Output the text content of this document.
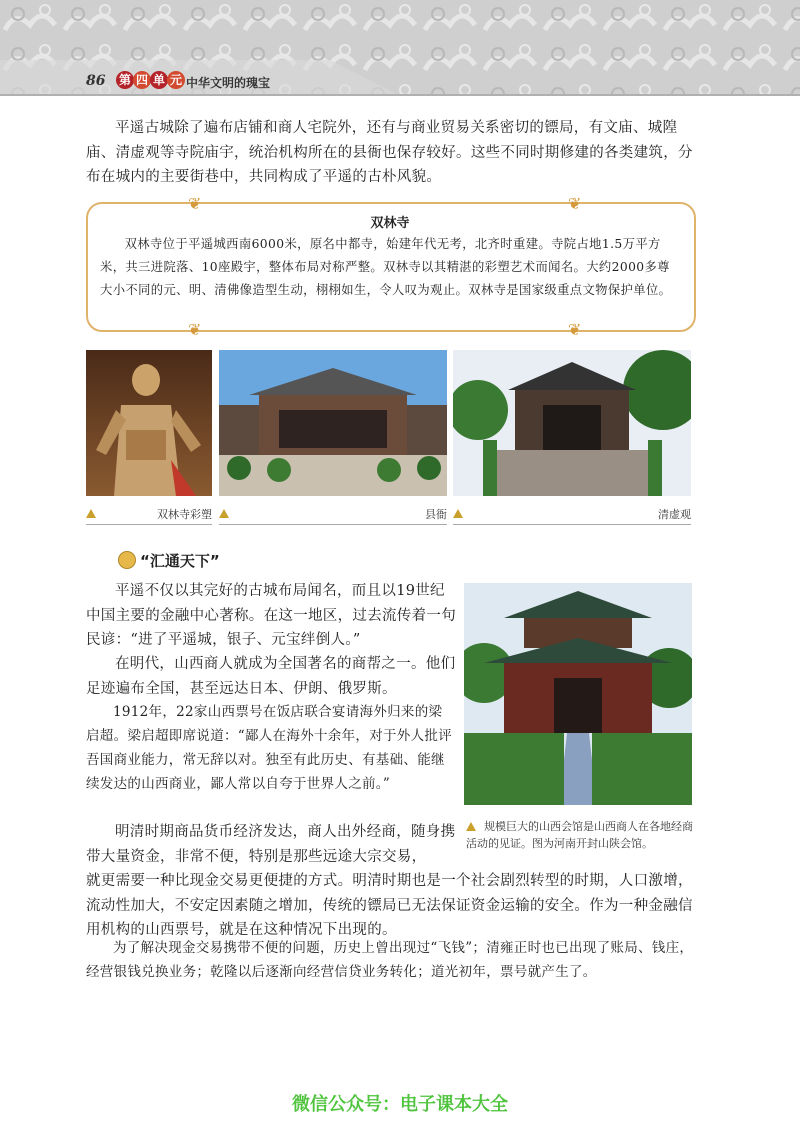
86 第 四 单 元 中华文明的瑰宝

平遥古城除了遍布店铺和商人宅院外，还有与商业贸易关系密切的镖局，有文庙、城隍庙、清虚观等寺院庙宇，统治机构所在的县衙也保存较好。这些不同时期修建的各类建筑，分布在城内的主要街巷中，共同构成了平遥的古朴风貌。

❦	❦
❦	❦
双林寺

双林寺位于平遥城西南6000米，原名中都寺，始建年代无考，北齐时重建。寺院占地1.5万平方米，共三进院落、10座殿宇，整体布局对称严整。双林寺以其精湛的彩塑艺术而闻名。大约2000多尊大小不同的元、明、清佛像造型生动，栩栩如生，令人叹为观止。双林寺是国家级重点文物保护单位。

双林寺彩塑	县衙	清虚观
“汇通天下”

平遥不仅以其完好的古城布局闻名，而且以19世纪中国主要的金融中心著称。在这一地区，过去流传着一句民谚：“进了平遥城，银子、元宝绊倒人。”

在明代，山西商人就成为全国著名的商帮之一。他们足迹遍布全国，甚至远达日本、伊朗、俄罗斯。

1912年，22家山西票号在饭店联合宴请海外归来的梁启超。梁启超即席说道：“鄙人在海外十余年，对于外人批评吾国商业能力，常无辞以对。独至有此历史、有基础、能继续发达的山西商业，鄙人常以自夸于世界人之前。”

规模巨大的山西会馆是山西商人在各地经商活动的见证。图为河南开封山陕会馆。

明清时期商品货币经济发达，商人出外经商，随身携带大量资金，非常不便，特别是那些远途大宗交易，

为了解决现金交易携带不便的问题，历史上曾出现过“飞钱”；清雍正时也已出现了账局、钱庄，经营银钱兑换业务；乾隆以后逐渐向经营信贷业务转化；道光初年，票号就产生了。

微信公众号：电子课本大全

就更需要一种比现金交易更便捷的方式。明清时期也是一个社会剧烈转型的时期，人口激增，流动性加大，不安定因素随之增加，传统的镖局已无法保证资金运输的安全。作为一种金融信用机构的山西票号，就是在这种情况下出现的。
